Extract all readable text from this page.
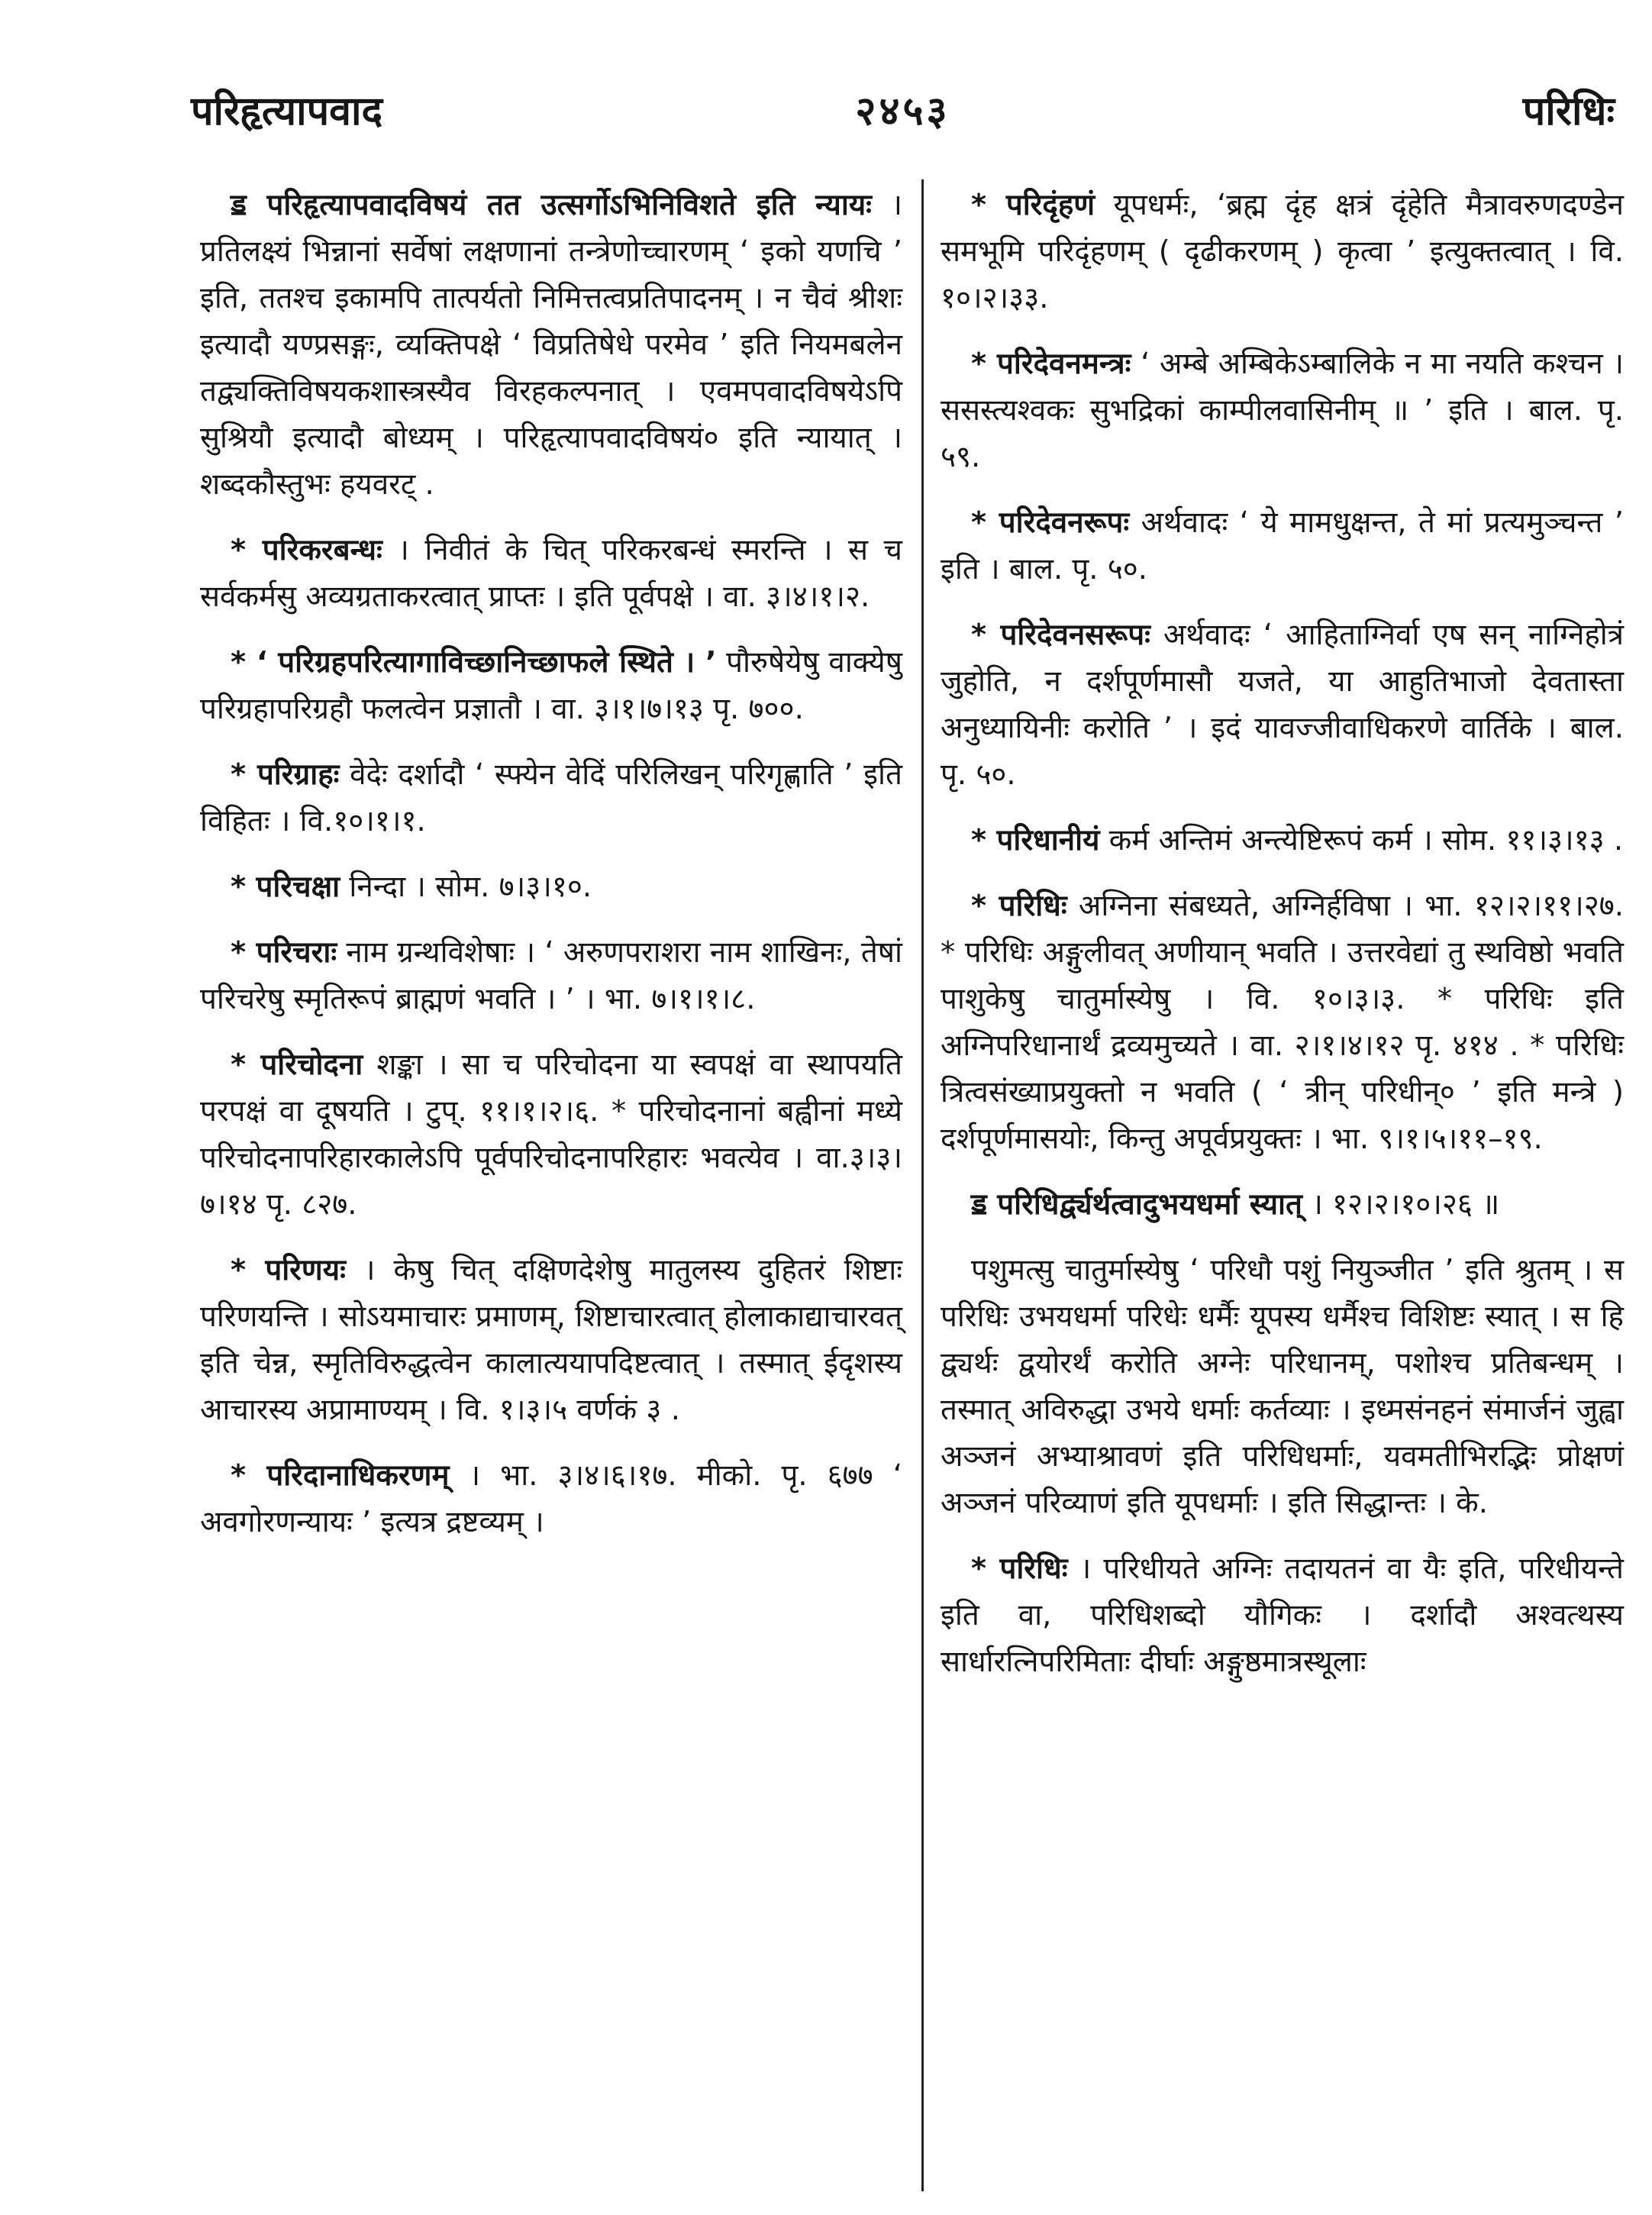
परिहृत्यापवाद	२४५३	परिधिः

ॾ परिहृत्यापवादविषयं तत उत्सर्गोऽभिनिविशते इति न्यायः । प्रतिलक्ष्यं भिन्नानां सर्वेषां लक्षणानां तन्त्रेणोच्चारणम् ‘ इको यणचि ’ इति, ततश्च इकामपि तात्पर्यतो निमित्तत्वप्रतिपादनम् । न चैवं श्रीशः इत्यादौ यण्प्रसङ्गः, व्यक्तिपक्षे ‘ विप्रतिषेधे परमेव ’ इति नियमबलेन तद्व्यक्तिविषयकशास्त्रस्यैव विरहकल्पनात् । एवमपवादविषयेऽपि सुश्रियौ इत्यादौ बोध्यम् । परिहृत्यापवादविषयं० इति न्यायात् । शब्दकौस्तुभः हयवरट् .

* परिकरबन्धः । निवीतं के चित् परिकरबन्धं स्मरन्ति । स च सर्वकर्मसु अव्यग्रताकरत्वात् प्राप्तः । इति पूर्वपक्षे । वा. ३।४।१।२.

* ‘ परिग्रहपरित्यागाविच्छानिच्छाफले स्थिते । ’ पौरुषेयेषु वाक्येषु परिग्रहापरिग्रहौ फलत्वेन प्रज्ञातौ । वा. ३।१।७।१३ पृ. ७००.

* परिग्राहः वेदेः दर्शादौ ‘ स्फ्येन वेदिं परिलिखन् परिगृह्णाति ’ इति विहितः । वि.१०।१।१.

* परिचक्षा निन्दा । सोम. ७।३।१०.

* परिचराः नाम ग्रन्थविशेषाः । ‘ अरुणपराशरा नाम शाखिनः, तेषां परिचरेषु स्मृतिरूपं ब्राह्मणं भवति । ’ । भा. ७।१।१।८.

* परिचोदना शङ्का । सा च परिचोदना या स्वपक्षं वा स्थापयति परपक्षं वा दूषयति । टुप्. ११।१।२।६. * परिचोदनानां बह्वीनां मध्ये परिचोदनापरिहारकालेऽपि पूर्वपरिचोदनापरिहारः भवत्येव । वा.३।३।७।१४ पृ. ८२७.

* परिणयः । केषु चित् दक्षिणदेशेषु मातुलस्य दुहितरं शिष्टाः परिणयन्ति । सोऽयमाचारः प्रमाणम्, शिष्टाचारत्वात् होलाकाद्याचारवत् इति चेन्न, स्मृतिविरुद्धत्वेन कालात्ययापदिष्टत्वात् । तस्मात् ईदृशस्य आचारस्य अप्रामाण्यम् । वि. १।३।५ वर्णकं ३ .

* परिदानाधिकरणम् । भा. ३।४।६।१७. मीको. पृ. ६७७ ‘ अवगोरणन्यायः ’ इत्यत्र द्रष्टव्यम् ।

* परिदृंहणं यूपधर्मः, ‘ब्रह्म दृंह क्षत्रं दृंहेति मैत्रावरुणदण्डेन समभूमि परिदृंहणम् ( दृढीकरणम् ) कृत्वा ’ इत्युक्तत्वात् । वि. १०।२।३३.

* परिदेवनमन्त्रः ‘ अम्बे अम्बिकेऽम्बालिके न मा नयति कश्चन । ससस्त्यश्वकः सुभद्रिकां काम्पीलवासिनीम् ॥ ’ इति । बाल. पृ. ५९.

* परिदेवनरूपः अर्थवादः ‘ ये मामधुक्षन्त, ते मां प्रत्यमुञ्चन्त ’ इति । बाल. पृ. ५०.

* परिदेवनसरूपः अर्थवादः ‘ आहिताग्निर्वा एष सन् नाग्निहोत्रं जुहोति, न दर्शपूर्णमासौ यजते, या आहुतिभाजो देवतास्ता अनुध्यायिनीः करोति ’ । इदं यावज्जीवाधिकरणे वार्तिके । बाल. पृ. ५०.

* परिधानीयं कर्म अन्तिमं अन्त्येष्टिरूपं कर्म । सोम. ११।३।१३ .

* परिधिः अग्निना संबध्यते, अग्निर्हविषा । भा. १२।२।११।२७. * परिधिः अङ्गुलीवत् अणीयान् भवति । उत्तरवेद्यां तु स्थविष्ठो भवति पाशुकेषु चातुर्मास्येषु । वि. १०।३।३. * परिधिः इति अग्निपरिधानार्थं द्रव्यमुच्यते । वा. २।१।४।१२ पृ. ४१४ . * परिधिः त्रित्वसंख्याप्रयुक्तो न भवति ( ‘ त्रीन् परिधीन्० ’ इति मन्त्रे ) दर्शपूर्णमासयोः, किन्तु अपूर्वप्रयुक्तः । भा. ९।१।५।११–१९.

ॾ परिधिर्द्व्यर्थत्वादुभयधर्मा स्यात् । १२।२।१०।२६ ॥

पशुमत्सु चातुर्मास्येषु ‘ परिधौ पशुं नियुञ्जीत ’ इति श्रुतम् । स परिधिः उभयधर्मा परिधेः धर्मैः यूपस्य धर्मैश्च विशिष्टः स्यात् । स हि द्व्यर्थः द्वयोरर्थं करोति अग्नेः परिधानम्, पशोश्च प्रतिबन्धम् । तस्मात् अविरुद्धा उभये धर्माः कर्तव्याः । इध्मसंनहनं संमार्जनं जुह्वा अञ्जनं अभ्याश्रावणं इति परिधिधर्माः, यवमतीभिरद्भिः प्रोक्षणं अञ्जनं परिव्याणं इति यूपधर्माः । इति सिद्धान्तः । के.

* परिधिः । परिधीयते अग्निः तदायतनं वा यैः इति, परिधीयन्ते इति वा, परिधिशब्दो यौगिकः । दर्शादौ अश्वत्थस्य सार्धारत्निपरिमिताः दीर्घाः अङ्गुष्ठमात्रस्थूलाः
